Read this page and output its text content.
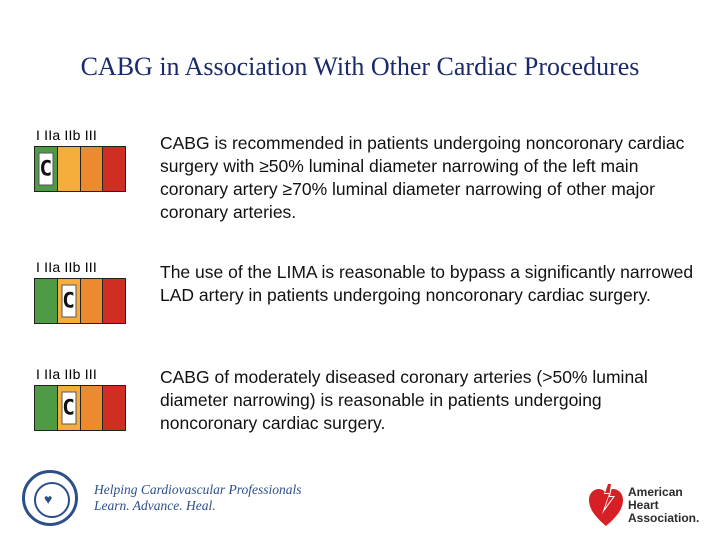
CABG in Association With Other Cardiac Procedures
I IIa IIb III
C
CABG is recommended in patients undergoing noncoronary cardiac surgery with ≥50% luminal diameter narrowing of the left main coronary artery ≥70% luminal diameter narrowing of other major coronary arteries.
I IIa IIb III
C
The use of the LIMA is reasonable to bypass a significantly narrowed LAD artery in patients undergoing noncoronary cardiac surgery.
I IIa IIb III
C
CABG of moderately diseased coronary arteries (>50% luminal diameter narrowing) is reasonable in patients undergoing noncoronary cardiac surgery.
♥
Helping Cardiovascular Professionals
Learn. Advance. Heal.
American
Heart
Association.
